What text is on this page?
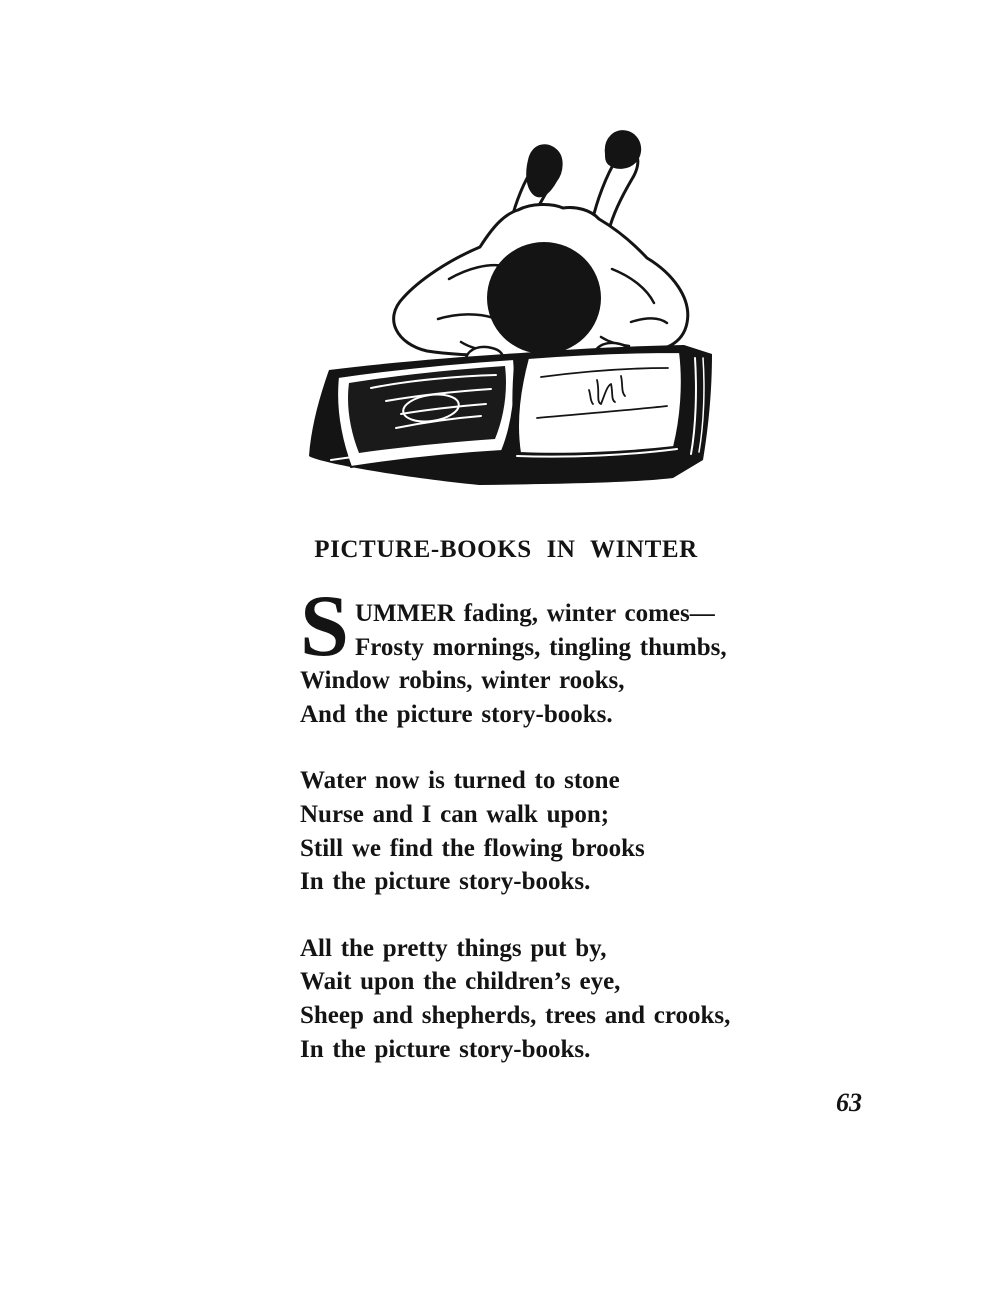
PICTURE-BOOKS IN WINTER
S UMMER fading, winter comes—
Frosty mornings, tingling thumbs,
Window robins, winter rooks,
And the picture story-books.
Water now is turned to stone
Nurse and I can walk upon;
Still we find the flowing brooks
In the picture story-books.
All the pretty things put by,
Wait upon the children’s eye,
Sheep and shepherds, trees and crooks,
In the picture story-books.
63
